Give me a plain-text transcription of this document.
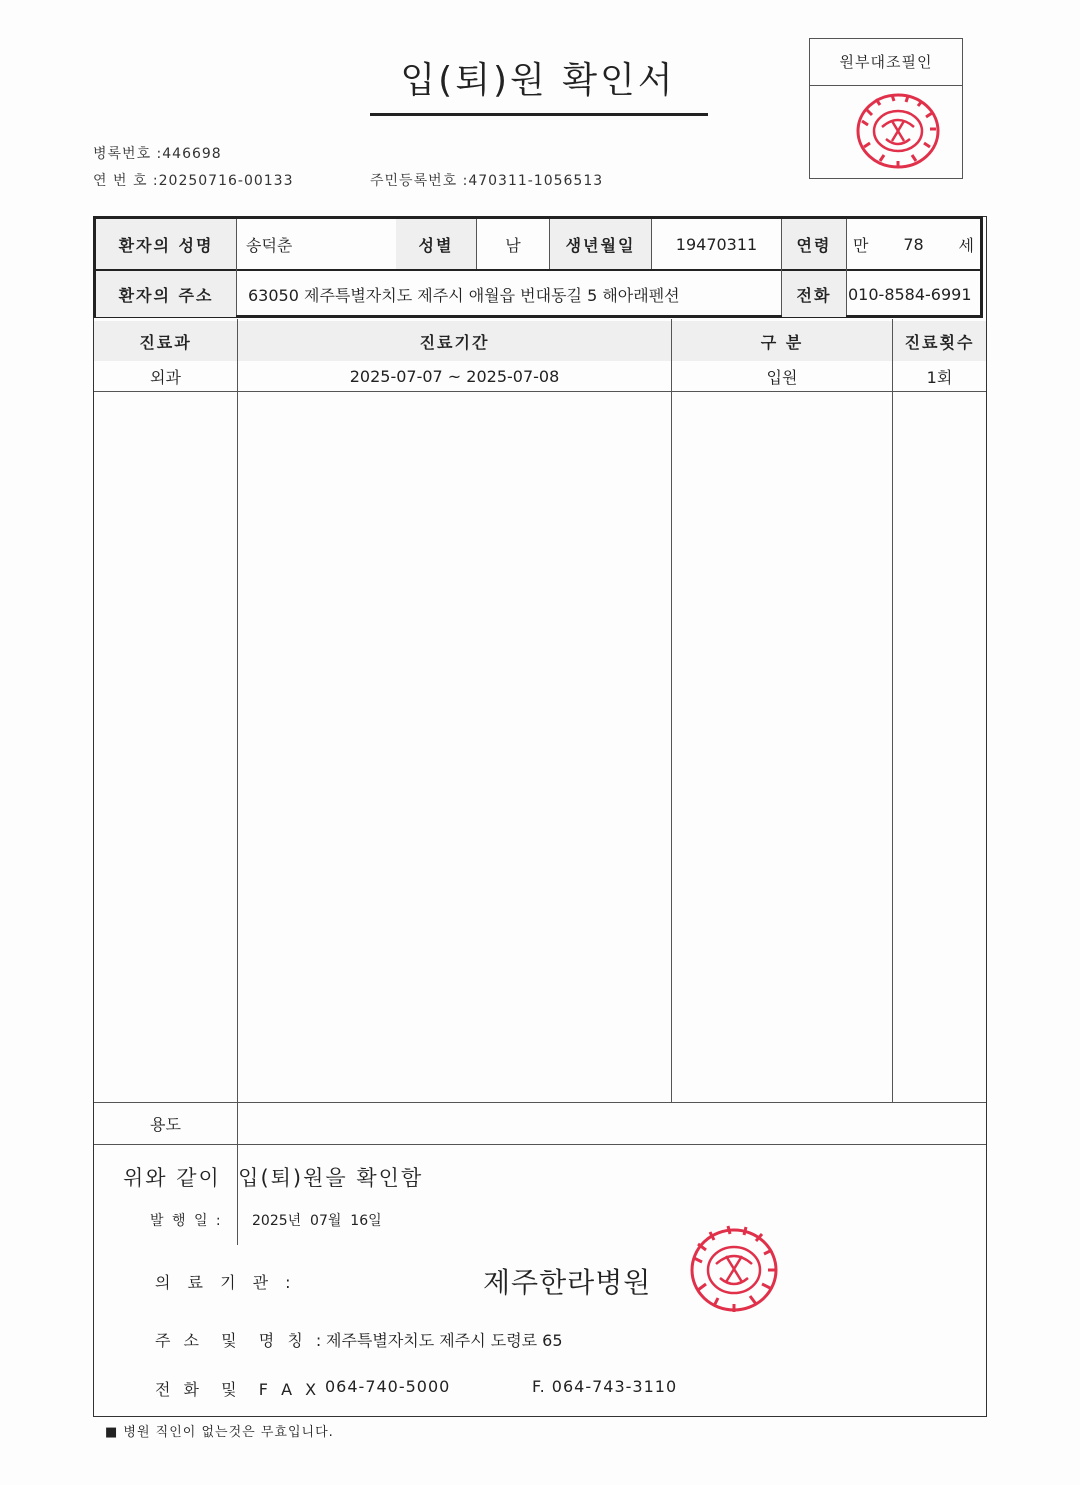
입(퇴)원 확인서	원부대조필인
병록번호 :446698
연 번 호 :20250716-00133	주민등록번호 :470311-1056513
진료과	진료기간	구 분	진료횟수
외과	2025-07-07 ~ 2025-07-08	입원	1회
용도
환자의 성명	송덕춘	성별	남	생년월일	19470311	연령	만 78 세
환자의 주소	63050 제주특별자치도 제주시 애월읍 번대동길 5 해아래펜션	전화	010-8584-6991
위와 같이  입(퇴)원을 확인함
발 행 일 : 2025년  07월  16일
의 료 기 관 :	제주한라병원
주 소  및  명 칭 : 제주특별자치도 제주시 도령로 65
전 화  및  F A X 064-740-5000	F. 064-743-3110
■ 병원 직인이 없는것은 무효입니다.
